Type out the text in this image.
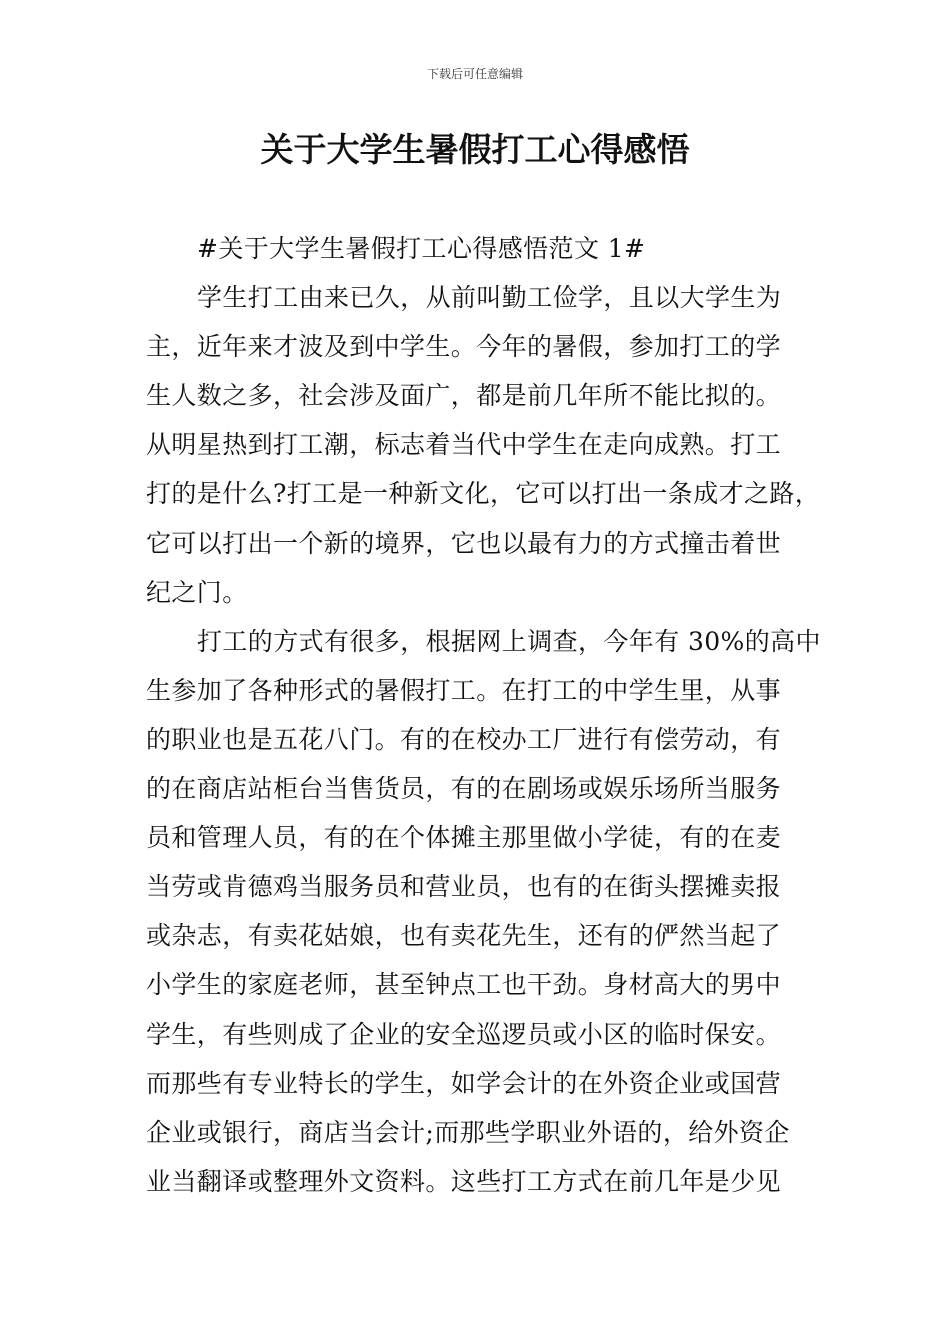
下载后可任意编辑
关于大学生暑假打工心得感悟
#关于大学生暑假打工心得感悟范文 1#
学生打工由来已久，从前叫勤工俭学，且以大学生为
主，近年来才波及到中学生。今年的暑假，参加打工的学
生人数之多，社会涉及面广，都是前几年所不能比拟的。
从明星热到打工潮，标志着当代中学生在走向成熟。打工
打的是什么?打工是一种新文化，它可以打出一条成才之路，
它可以打出一个新的境界，它也以最有力的方式撞击着世
纪之门。
打工的方式有很多，根据网上调查，今年有 30%的高中
生参加了各种形式的暑假打工。在打工的中学生里，从事
的职业也是五花八门。有的在校办工厂进行有偿劳动，有
的在商店站柜台当售货员，有的在剧场或娱乐场所当服务
员和管理人员，有的在个体摊主那里做小学徒，有的在麦
当劳或肯德鸡当服务员和营业员，也有的在街头摆摊卖报
或杂志，有卖花姑娘，也有卖花先生，还有的俨然当起了
小学生的家庭老师，甚至钟点工也干劲。身材高大的男中
学生，有些则成了企业的安全巡逻员或小区的临时保安。
而那些有专业特长的学生，如学会计的在外资企业或国营
企业或银行，商店当会计;而那些学职业外语的，给外资企
业当翻译或整理外文资料。这些打工方式在前几年是少见
